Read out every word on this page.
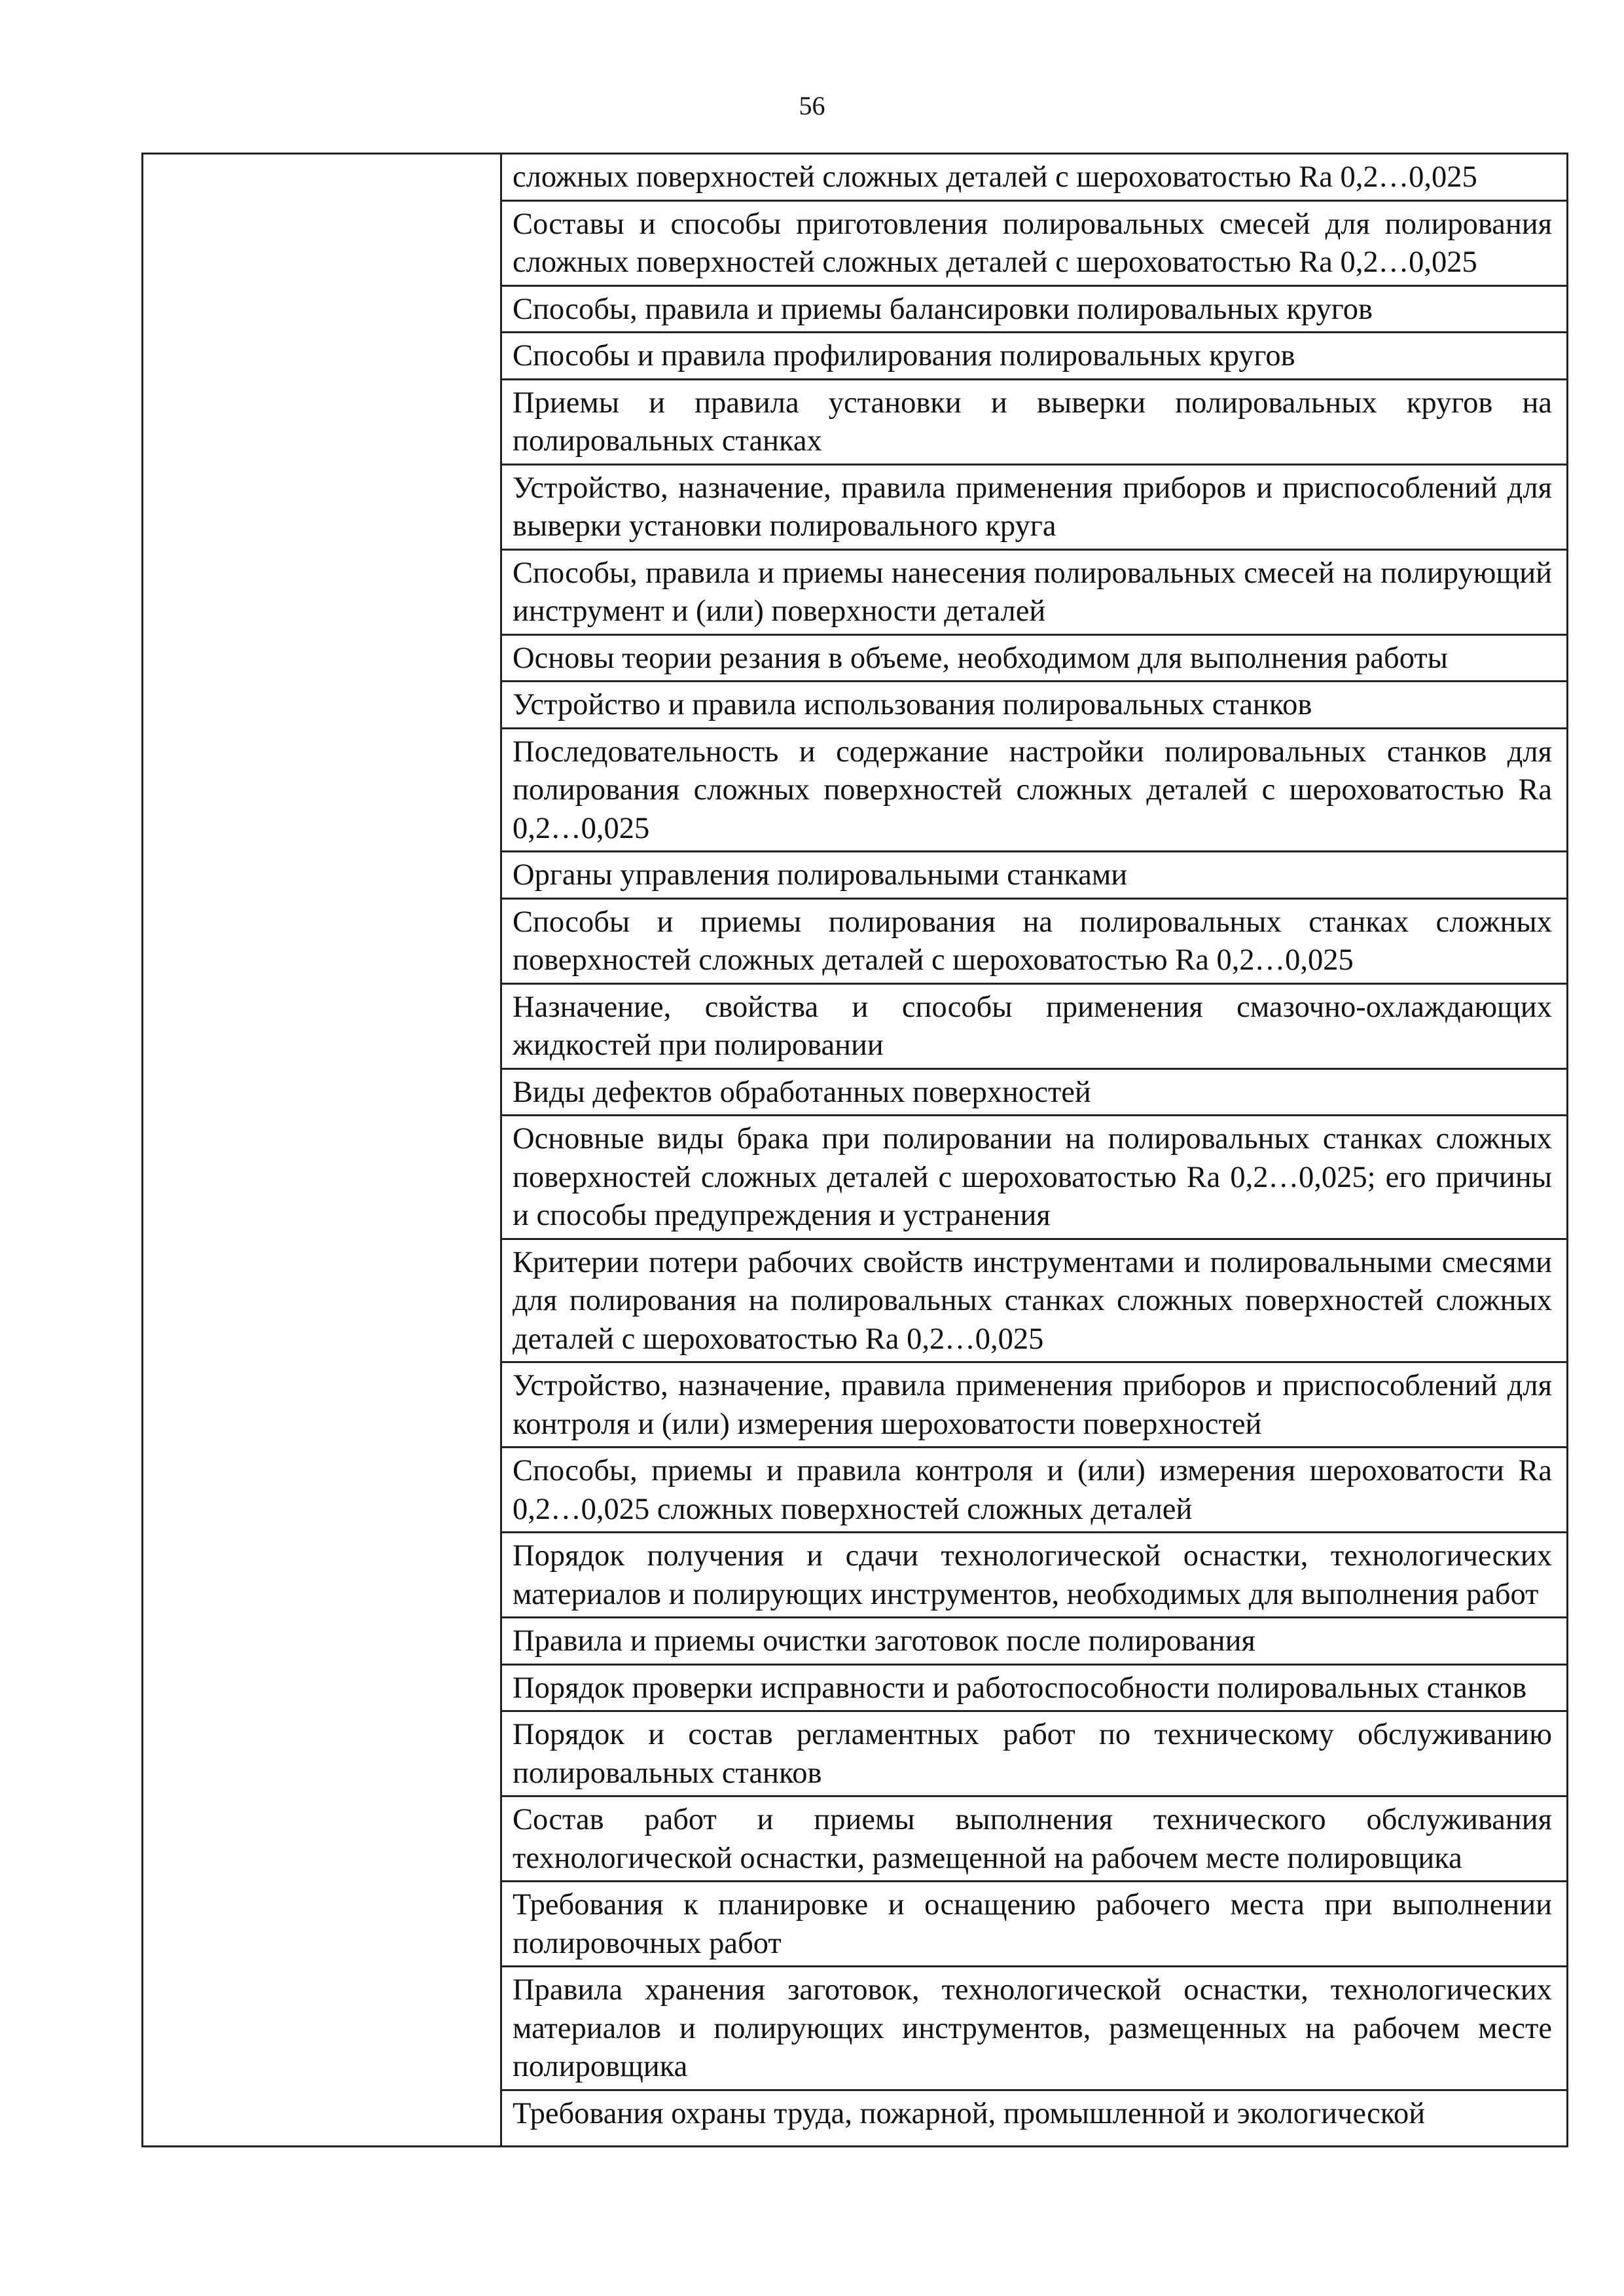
56
сложных поверхностей сложных деталей с шероховатостью Ra 0,2…0,025
Составы и способы приготовления полировальных смесей для полирования сложных поверхностей сложных деталей с шероховатостью Ra 0,2…0,025
Способы, правила и приемы балансировки полировальных кругов
Способы и правила профилирования полировальных кругов
Приемы и правила установки и выверки полировальных кругов на полировальных станках
Устройство, назначение, правила применения приборов и приспособлений для выверки установки полировального круга
Способы, правила и приемы нанесения полировальных смесей на полирующий инструмент и (или) поверхности деталей
Основы теории резания в объеме, необходимом для выполнения работы
Устройство и правила использования полировальных станков
Последовательность и содержание настройки полировальных станков для полирования сложных поверхностей сложных деталей с шероховатостью Ra 0,2…0,025
Органы управления полировальными станками
Способы и приемы полирования на полировальных станках сложных поверхностей сложных деталей с шероховатостью Ra 0,2…0,025
Назначение, свойства и способы применения смазочно-охлаждающих жидкостей при полировании
Виды дефектов обработанных поверхностей
Основные виды брака при полировании на полировальных станках сложных поверхностей сложных деталей с шероховатостью Ra 0,2…0,025; его причины и способы предупреждения и устранения
Критерии потери рабочих свойств инструментами и полировальными смесями для полирования на полировальных станках сложных поверхностей сложных деталей с шероховатостью Ra 0,2…0,025
Устройство, назначение, правила применения приборов и приспособлений для контроля и (или) измерения шероховатости поверхностей
Способы, приемы и правила контроля и (или) измерения шероховатости Ra 0,2…0,025 сложных поверхностей сложных деталей
Порядок получения и сдачи технологической оснастки, технологических материалов и полирующих инструментов, необходимых для выполнения работ
Правила и приемы очистки заготовок после полирования
Порядок проверки исправности и работоспособности полировальных станков
Порядок и состав регламентных работ по техническому обслуживанию полировальных станков
Состав работ и приемы выполнения технического обслуживания технологической оснастки, размещенной на рабочем месте полировщика
Требования к планировке и оснащению рабочего места при выполнении полировочных работ
Правила хранения заготовок, технологической оснастки, технологических материалов и полирующих инструментов, размещенных на рабочем месте полировщика
Требования охраны труда, пожарной, промышленной и экологической
